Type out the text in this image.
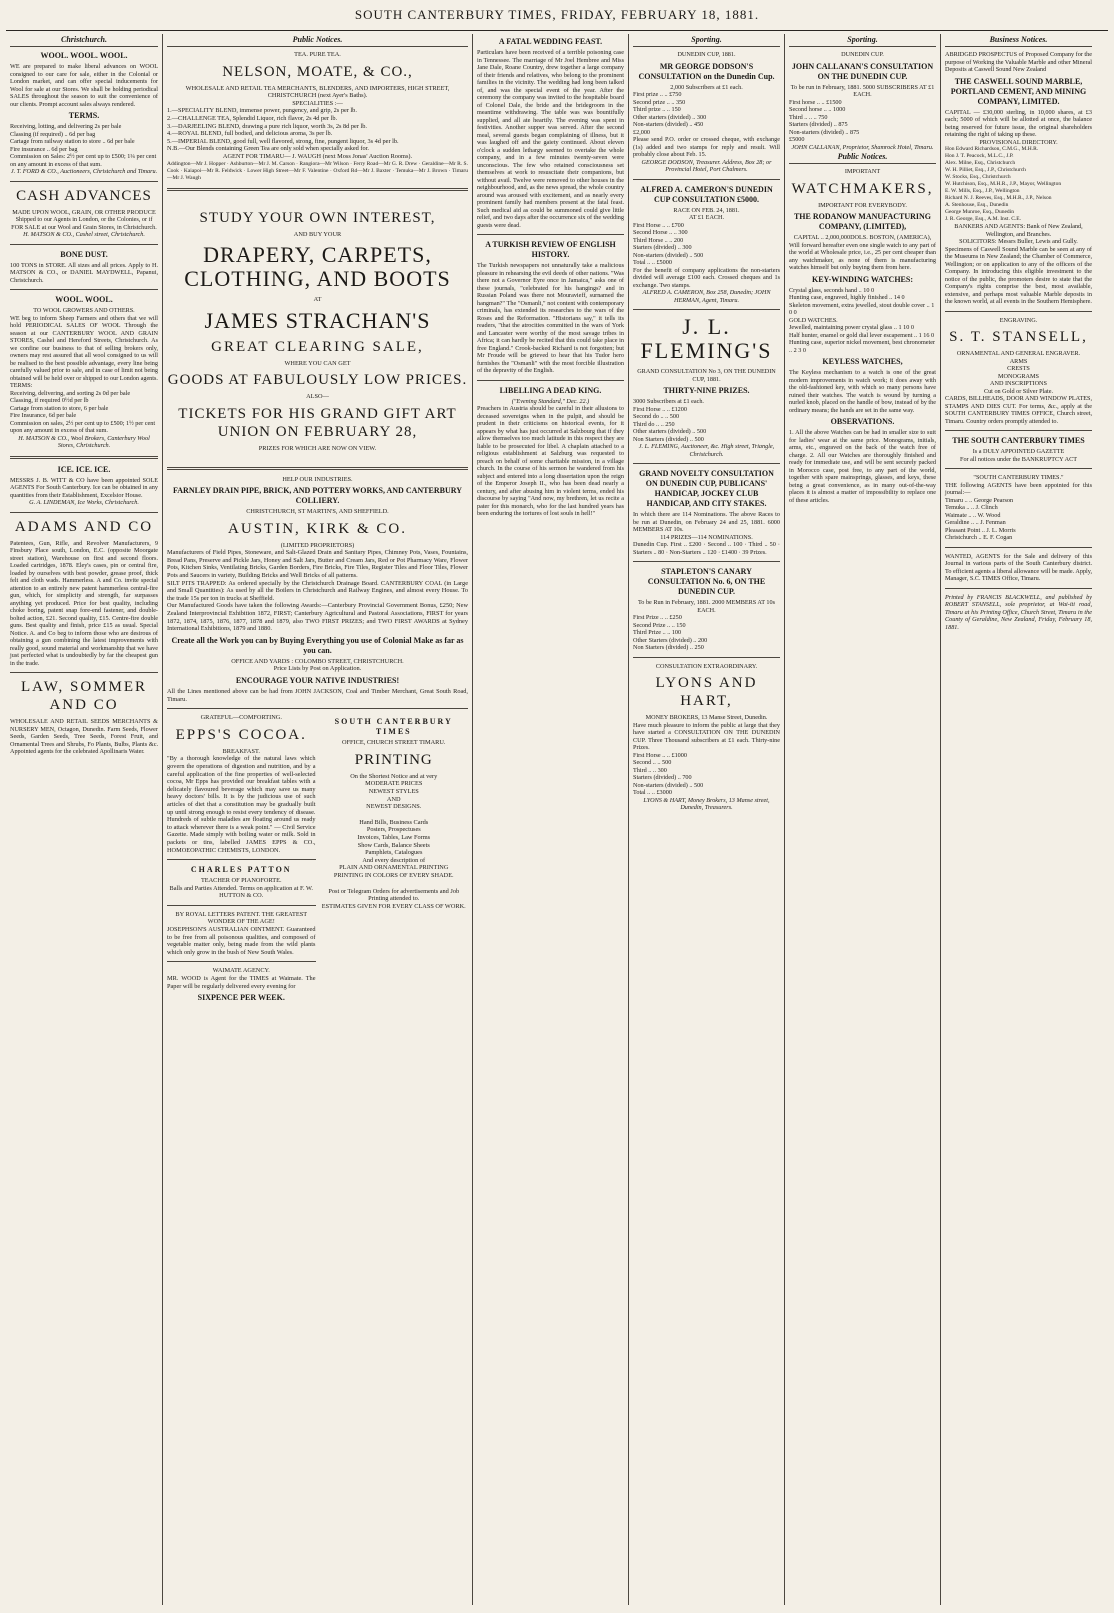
SOUTH CANTERBURY TIMES, FRIDAY, FEBRUARY 18, 1881.
Christchurch.
WOOL. WOOL. WOOL.
WE are prepared to make liberal advances on WOOL consigned to our care for sale, either in the Colonial or London market, and can offer special inducements for Wool for sale at our Stores. We shall be holding periodical SALES throughout the season to suit the convenience of our clients. Prompt account sales always rendered.
TERMS.
Receiving, lotting, and delivering 2s per bale
Classing (if required) .. 6d per bag
Cartage from railway station to store .. 6d per bale
Fire insurance .. 6d per bag
Commission on Sales: 2½ per cent up to £500; 1¼ per cent on any amount in excess of that sum.
J. T. FORD & CO., Auctioneers, Christchurch and Timaru.
CASH ADVANCES
MADE UPON WOOL, GRAIN, OR OTHER PRODUCE Shipped to our Agents in London, or the Colonies, or if FOR SALE at our Wool and Grain Stores, in Christchurch.
H. MATSON & CO., Cashel street, Christchurch.
BONE DUST.
100 TONS in STORE. All sizes and all prices. Apply to H. MATSON & CO., or DANIEL MAYDWELL, Papanui, Christchurch.
WOOL. WOOL.
TO WOOL GROWERS AND OTHERS.
WE beg to inform Sheep Farmers and others that we will hold PERIODICAL SALES OF WOOL Through the season at our CANTERBURY WOOL AND GRAIN STORES, Cashel and Hereford Streets, Christchurch. As we confine our business to that of selling brokers only, owners may rest assured that all wool consigned to us will be realised to the best possible advantage, every line being carefully valued prior to sale, and in case of limit not being obtained will be held over or shipped to our London agents.
TERMS:
Receiving, delivering, and sorting 2s 0d per bale
Classing, if required 0½d per lb
Cartage from station to store, 6 per bale
Fire Insurance, 6d per bale
Commission on sales, 2½ per cent up to £500; 1½ per cent upon any amount in excess of that sum.
H. MATSON & CO., Wool Brokers, Canterbury Wool Stores, Christchurch.
ICE. ICE. ICE.
MESSRS J. B. WITT & CO have been appointed SOLE AGENTS For South Canterbury. Ice can be obtained in any quantities from their Establishment, Excelsior House.
G. A. LINDEMAN, Ice Works, Christchurch.
ADAMS AND CO
Patentees, Gun, Rifle, and Revolver Manufacturers, 9 Finsbury Place south, London, E.C. (opposite Moorgate street station), Warehouse on first and second floors. Loaded cartridges, 1878. Eley's cases, pin or central fire, loaded by ourselves with best powder, grease proof, thick felt and cloth wads. Hammerless. A and Co. invite special attention to an entirely new patent hammerless central-fire gun, which, for simplicity and strength, far surpasses anything yet produced. Price for best quality, including choke boring, patent snap fore-end fastener, and double-bolted action, £21. Second quality, £15. Centre-fire double guns. Best quality and finish, price £15 as usual. Special Notice. A. and Co beg to inform those who are desirous of obtaining a gun combining the latest improvements with really good, sound material and workmanship that we have just perfected what is undoubtedly by far the cheapest gun in the trade.
LAW, SOMMER AND CO
WHOLESALE AND RETAIL SEEDS MERCHANTS & NURSERY MEN, Octagon, Dunedin. Farm Seeds, Flower Seeds, Garden Seeds, Tree Seeds, Forest Fruit, and Ornamental Trees and Shrubs, Fo Plants, Bulbs, Plants &c. Appointed agents for the celebrated Apollinaris Water.
Public Notices.
TEA. PURE TEA.
NELSON, MOATE, & CO.,
WHOLESALE AND RETAIL TEA MERCHANTS, BLENDERS, AND IMPORTERS, HIGH STREET, CHRISTCHURCH (next Ayer's Baths).
SPECIALITIES :—
1.—SPECIALITY BLEND, immense power, pungency, and grip, 2s per lb.
2.—CHALLENGE TEA, Splendid Liquor, rich flavor, 2s 4d per lb.
3.—DARJEELING BLEND, drawing a pure rich liquor, worth 3s, 2s 8d per lb.
4.—ROYAL BLEND, full bodied, and delicious aroma, 3s per lb.
5.—IMPERIAL BLEND, good full, well flavored, strong, fine, pungent liquor, 3s 4d per lb.
N.B.—Our Blends containing Green Tea are only sold when specially asked for.
AGENT FOR TIMARU— J. WAUGH (next Moss Jonas' Auction Rooms).
Addington—Mr J. Hopper · Ashburton—Mr J. M. Carson · Rangiora—Mr Wilson · Ferry Road—Mr G. R. Drew · Geraldine—Mr R. S. Cook · Kaiapoi—Mr R. Feldwick · Lower High Street—Mr F. Valentine · Oxford Rd—Mr J. Baxter · Temuka—Mr J. Brown · Timaru—Mr J. Waugh
STUDY YOUR OWN INTEREST,
AND BUY YOUR
DRAPERY, CARPETS, CLOTHING, AND BOOTS
AT
JAMES STRACHAN'S
GREAT CLEARING SALE,
WHERE YOU CAN GET
GOODS AT FABULOUSLY LOW PRICES.
ALSO—
TICKETS FOR HIS GRAND GIFT ART UNION ON FEBRUARY 28,
PRIZES FOR WHICH ARE NOW ON VIEW.
HELP OUR INDUSTRIES.
FARNLEY DRAIN PIPE, BRICK, AND POTTERY WORKS, AND CANTERBURY COLLIERY.
CHRISTCHURCH, ST MARTIN'S, AND SHEFFIELD.
AUSTIN, KIRK & CO.
(LIMITED PROPRIETORS)
Manufacturers of Field Pipes, Stoneware, and Salt-Glazed Drain and Sanitary Pipes, Chimney Pots, Vases, Fountains, Bread Pans, Preserve and Pickle Jars, Honey and Salt Jars, Butter and Cream Jars, Red or Pot Pharmacy Ware, Flower Pots, Kitchen Sinks, Ventilating Bricks, Garden Borders, Fire Bricks, Fire Tiles, Register Tiles and Floor Tiles, Flower Pots and Saucers in variety, Building Bricks and Well Bricks of all patterns.
SILT PITS TRAPPED: As ordered specially by the Christchurch Drainage Board. CANTERBURY COAL (in Large and Small Quantities): As used by all the Boilers in Christchurch and Railway Engines, and almost every House. To the trade 15s per ton in trucks at Sheffield.
Our Manufactured Goods have taken the following Awards:—Canterbury Provincial Government Bonus, £250; New Zealand Interprovincial Exhibition 1872, FIRST; Canterbury Agricultural and Pastoral Associations, FIRST for years 1872, 1874, 1875, 1876, 1877, 1878 and 1879, also TWO FIRST PRIZES; and TWO FIRST AWARDS at Sydney International Exhibitions, 1879 and 1880.
Create all the Work you can by Buying Everything you use of Colonial Make as far as you can.
OFFICE AND YARDS : COLOMBO STREET, CHRISTCHURCH.
Price Lists by Post on Application.
ENCOURAGE YOUR NATIVE INDUSTRIES!
All the Lines mentioned above can be had from JOHN JACKSON, Coal and Timber Merchant, Great South Road, Timaru.
GRATEFUL—COMFORTING.
EPPS'S COCOA.
BREAKFAST.
"By a thorough knowledge of the natural laws which govern the operations of digestion and nutrition, and by a careful application of the fine properties of well-selected cocoa, Mr Epps has provided our breakfast tables with a delicately flavoured beverage which may save us many heavy doctors' bills. It is by the judicious use of such articles of diet that a constitution may be gradually built up until strong enough to resist every tendency of disease. Hundreds of subtle maladies are floating around us ready to attack wherever there is a weak point." — Civil Service Gazette. Made simply with boiling water or milk. Sold in packets or tins, labelled JAMES EPPS & CO., HOMOEOPATHIC CHEMISTS, LONDON.
CHARLES PATTON
TEACHER OF PIANOFORTE.
Balls and Parties Attended. Terms on application at F. W. HUTTON & CO.
BY ROYAL LETTERS PATENT. THE GREATEST WONDER OF THE AGE!
JOSEPHSON'S AUSTRALIAN OINTMENT. Guaranteed to be free from all poisonous qualities, and composed of vegetable matter only, being made from the wild plants which only grow in the bush of New South Wales.
WAIMATE AGENCY.
MR. WOOD is Agent for the TIMES at Waimate. The Paper will be regularly delivered every evening for
SIXPENCE PER WEEK.
SOUTH CANTERBURY TIMES
OFFICE, CHURCH STREET TIMARU.
PRINTING
On the Shortest Notice and at very
MODERATE PRICES
NEWEST STYLES
AND
NEWEST DESIGNS.
Hand Bills, Business Cards
Posters, Prospectuses
Invoices, Tables, Law Forms
Show Cards, Balance Sheets
Pamphlets, Catalogues
And every description of
PLAIN AND ORNAMENTAL PRINTING
PRINTING IN COLORS OF EVERY SHADE.
Post or Telegram Orders for advertisements and Job Printing attended to.
ESTIMATES GIVEN FOR EVERY CLASS OF WORK.
A FATAL WEDDING FEAST.
Particulars have been received of a terrible poisoning case in Tennessee. The marriage of Mr Joel Hembree and Miss Jane Dale, Roane Country, drew together a large company of their friends and relatives, who belong to the prominent families in the vicinity. The wedding had long been talked of, and was the special event of the year. After the ceremony the company was invited to the hospitable board of Colonel Dale, the bride and the bridegroom in the meantime withdrawing. The table was was bountifully supplied, and all ate heartily. The evening was spent in festivities. Another supper was served. After the second meal, several guests began complaining of illness, but it was laughed off and the gaiety continued. About eleven o'clock a sudden lethargy seemed to overtake the whole company, and in a few minutes twenty-seven were unconscious. The few who retained consciousness set themselves at work to resuscitate their companions, but without avail. Twelve were removed to other houses in the neighbourhood, and, as the news spread, the whole country around was aroused with excitement, and as nearly every prominent family had members present at the fatal feast. Such medical aid as could be summoned could give little relief, and two days after the occurrence six of the wedding guests were dead.
A TURKISH REVIEW OF ENGLISH HISTORY.
The Turkish newspapers not unnaturally take a malicious pleasure in rehearsing the evil deeds of other nations. "Was there not a Governor Eyre once in Jamaica," asks one of these journals, "celebrated for his hangings? and in Russian Poland was there not Mouravieff, surnamed the hangman?" The "Osmanli," not content with contemporary criminals, has extended its researches to the wars of the Roses and the Reformation. "Historians say," it tells its readers, "that the atrocities committed in the wars of York and Lancaster were worthy of the most savage tribes in Africa; it can hardly be recited that this could take place in free England." Crook-backed Richard is not forgotten; but Mr Froude will be grieved to hear that his Tudor hero furnishes the "Osmanli" with the most forcible illustration of the depravity of the English.
LIBELLING A DEAD KING.
("Evening Standard," Dec. 22.)
Preachers in Austria should be careful in their allusions to deceased sovereigns when in the pulpit, and should be prudent in their criticisms on historical events, for it appears by what has just occurred at Salzbourg that if they allow themselves too much latitude in this respect they are liable to be prosecuted for libel. A chaplain attached to a religious establishment at Salzburg was requested to preach on behalf of some charitable mission, in a village church. In the course of his sermon he wandered from his subject and entered into a long dissertation upon the reign of the Emperor Joseph II., who has been dead nearly a century, and after abusing him in violent terms, ended his discourse by saying "And now, my brethren, let us recite a pater for this monarch, who for the last hundred years has been enduring the tortures of lost souls in hell!"
Sporting.
DUNEDIN CUP, 1881.
MR GEORGE DODSON'S CONSULTATION on the Dunedin Cup.
2,000 Subscribers at £1 each.
First prize .. .. £750
Second prize .. .. 350
Third prize .. .. 150
Other starters (divided) .. 300
Non-starters (divided) .. 450
£2,000
Please send P.O. order or crossed cheque, with exchange (1s) added and two stamps for reply and result. Will probably close about Feb. 15.
GEORGE DODSON, Treasurer. Address, Box 28; or Provincial Hotel, Port Chalmers.
ALFRED A. CAMERON'S DUNEDIN CUP CONSULTATION £5000.
RACE ON FEB. 24, 1881.
AT £1 EACH.
First Horse .. .. £700
Second Horse .. .. 300
Third Horse .. .. 200
Starters (divided) .. 300
Non-starters (divided) .. 500
Total .. .. £5000
For the benefit of company applications the non-starters divided will average £100 each. Crossed cheques and 1s exchange. Two stamps.
ALFRED A. CAMERON, Box 258, Dunedin; JOHN HERMAN, Agent, Timaru.
J. L. FLEMING'S
GRAND CONSULTATION No 3, ON THE DUNEDIN CUP, 1881.
THIRTY-NINE PRIZES.
3000 Subscribers at £1 each.
First Horse .. .. £1200
Second do .. .. 500
Third do .. .. 250
Other starters (divided) .. 500
Non Starters (divided) .. 500
J. L. FLEMING, Auctioneer, &c. High street, Triangle, Christchurch.
GRAND NOVELTY CONSULTATION ON DUNEDIN CUP, PUBLICANS' HANDICAP, JOCKEY CLUB HANDICAP, AND CITY STAKES.
In which there are 114 Nominations. The above Races to be run at Dunedin, on February 24 and 25, 1881. 6000 MEMBERS AT 10s.
114 PRIZES—114 NOMINATIONS.
Dunedin Cup. First .. £200 · Second .. 100 · Third .. 50 · Starters .. 80 · Non-Starters .. 120 · £1400 · 39 Prizes.
STAPLETON'S CANARY CONSULTATION No. 6, ON THE DUNEDIN CUP.
To be Run in February, 1881. 2000 MEMBERS AT 10s EACH.
First Prize .. .. £250
Second Prize .. .. 150
Third Prize .. .. 100
Other Starters (divided) .. 200
Non Starters (divided) .. 250
CONSULTATION EXTRAORDINARY.
LYONS AND HART,
MONEY BROKERS, 13 Manse Street, Dunedin.
Have much pleasure to inform the public at large that they have started a CONSULTATION ON THE DUNEDIN CUP. Three Thousand subscribers at £1 each. Thirty-nine Prizes.
First Horse .. .. £1000
Second .. .. 500
Third .. .. 300
Starters (divided) .. 700
Non-starters (divided) .. 500
Total .. .. £3000
LYONS & HART, Money Brokers, 13 Manse street, Dunedin, Treasurers.
Sporting.
DUNEDIN CUP.
JOHN CALLANAN'S CONSULTATION ON THE DUNEDIN CUP.
To be run in February, 1881. 5000 SUBSCRIBERS AT £1 EACH.
First horse .. .. £1500
Second horse .. .. 1000
Third .. .. .. 750
Starters (divided) .. 875
Non-starters (divided) .. 875
£5000
JOHN CALLANAN, Proprietor, Shamrock Hotel, Timaru.
Public Notices.
IMPORTANT
WATCHMAKERS,
IMPORTANT FOR EVERYBODY.
THE RODANOW MANUFACTURING COMPANY, (LIMITED),
CAPITAL .. 2,000,000DOLS. BOSTON, (AMERICA),
Will forward hereafter even one single watch to any part of the world at Wholesale price, i.e., 25 per cent cheaper than any watchmaker, as none of them is manufacturing watches himself but only buying them from here.
KEY-WINDING WATCHES:
Crystal glass, seconds hand .. 10 0
Hunting case, engraved, highly finished .. 14 0
Skeleton movement, extra jewelled, stout double cover .. 1 0 0
GOLD WATCHES.
Jewelled, maintaining power crystal glass .. 1 10 0
Half hunter, enamel or gold dial lever escapement .. 1 16 0
Hunting case, superior nickel movement, best chronometer .. 2 3 0
KEYLESS WATCHES,
The Keyless mechanism to a watch is one of the great modern improvements in watch work; it does away with the old-fashioned key, with which so many persons have ruined their watches. The watch is wound by turning a nurled knob, placed on the handle of bow, instead of by the ordinary means; the hands are set in the same way.
OBSERVATIONS.
1. All the above Watches can be had in smaller size to suit for ladies' wear at the same price. Monograms, initials, arms, etc., engraved on the back of the watch free of charge. 2. All our Watches are thoroughly finished and ready for immediate use, and will be sent securely packed in Morocco case, post free, to any part of the world, together with spare mainsprings, glasses, and keys, these being a great convenience, as in many out-of-the-way places it is almost a matter of impossibility to replace one of these articles.
Business Notices.
ABRIDGED PROSPECTUS of Proposed Company for the purpose of Working the Valuable Marble and other Mineral Deposits at Caswell Sound New Zealand
THE CASWELL SOUND MARBLE, PORTLAND CEMENT, AND MINING COMPANY, LIMITED.
CAPITAL — £30,000 sterling, in 10,000 shares, at £3 each; 5000 of which will be allotted at once, the balance being reserved for future issue, the original shareholders retaining the right of taking up these.
PROVISIONAL DIRECTORY.
Hon Edward Richardson, C.M.G., M.H.R.
Hon J. T. Peacock, M.L.C., J.P.
Alex. Milne, Esq., Christchurch
W. H. Pilliet, Esq., J.P., Christchurch
W. Stocks, Esq., Christchurch
W. Hutchison, Esq., M.H.R., J.P., Mayor, Wellington
E. W. Mills, Esq., J.P., Wellington
Richard N. J. Reeves, Esq., M.H.R., J.P., Nelson
A. Stenhouse, Esq., Dunedin
George Munroe, Esq., Dunedin
J. R. George, Esq., A.M. Inst. C.E.
BANKERS AND AGENTS: Bank of New Zealand, Wellington, and Branches.
SOLICITORS: Messrs Buller, Lewis and Gully.
Specimens of Caswell Sound Marble can be seen at any of the Museums in New Zealand; the Chamber of Commerce, Wellington; or on application to any of the officers of the Company. In introducing this eligible investment to the notice of the public, the promoters desire to state that the Company's rights comprise the best, most available, extensive, and perhaps most valuable Marble deposits in the known world, at all events in the Southern Hemisphere.
ENGRAVING.
S. T. STANSELL,
ORNAMENTAL AND GENERAL ENGRAVER.
ARMS
CRESTS
MONOGRAMS
AND INSCRIPTIONS
Cut on Gold or Silver Plate.
CARDS, BILLHEADS, DOOR AND WINDOW PLATES, STAMPS AND DIES CUT. For terms, &c., apply at the SOUTH CANTERBURY TIMES OFFICE, Church street, Timaru. Country orders promptly attended to.
THE SOUTH CANTERBURY TIMES
Is a DULY APPOINTED GAZETTE
For all notices under the BANKRUPTCY ACT
"SOUTH CANTERBURY TIMES."
THE following AGENTS have been appointed for this journal:—
Timaru .. .. George Pearson
Temuka .. .. J. Clinch
Waimate .. .. W. Wood
Geraldine .. .. J. Fenman
Pleasant Point .. J. L. Morris
Christchurch .. E. F. Cogan
WANTED, AGENTS for the Sale and delivery of this Journal in various parts of the South Canterbury district. To efficient agents a liberal allowance will be made. Apply, Manager, S.C. TIMES Office, Timaru.
Printed by FRANCIS BLACKWELL, and published by ROBERT STANSELL, sole proprietor, at Wai-iti road, Timaru at his Printing Office, Church Street, Timaru in the County of Geraldine, New Zealand, Friday, February 18, 1881.
